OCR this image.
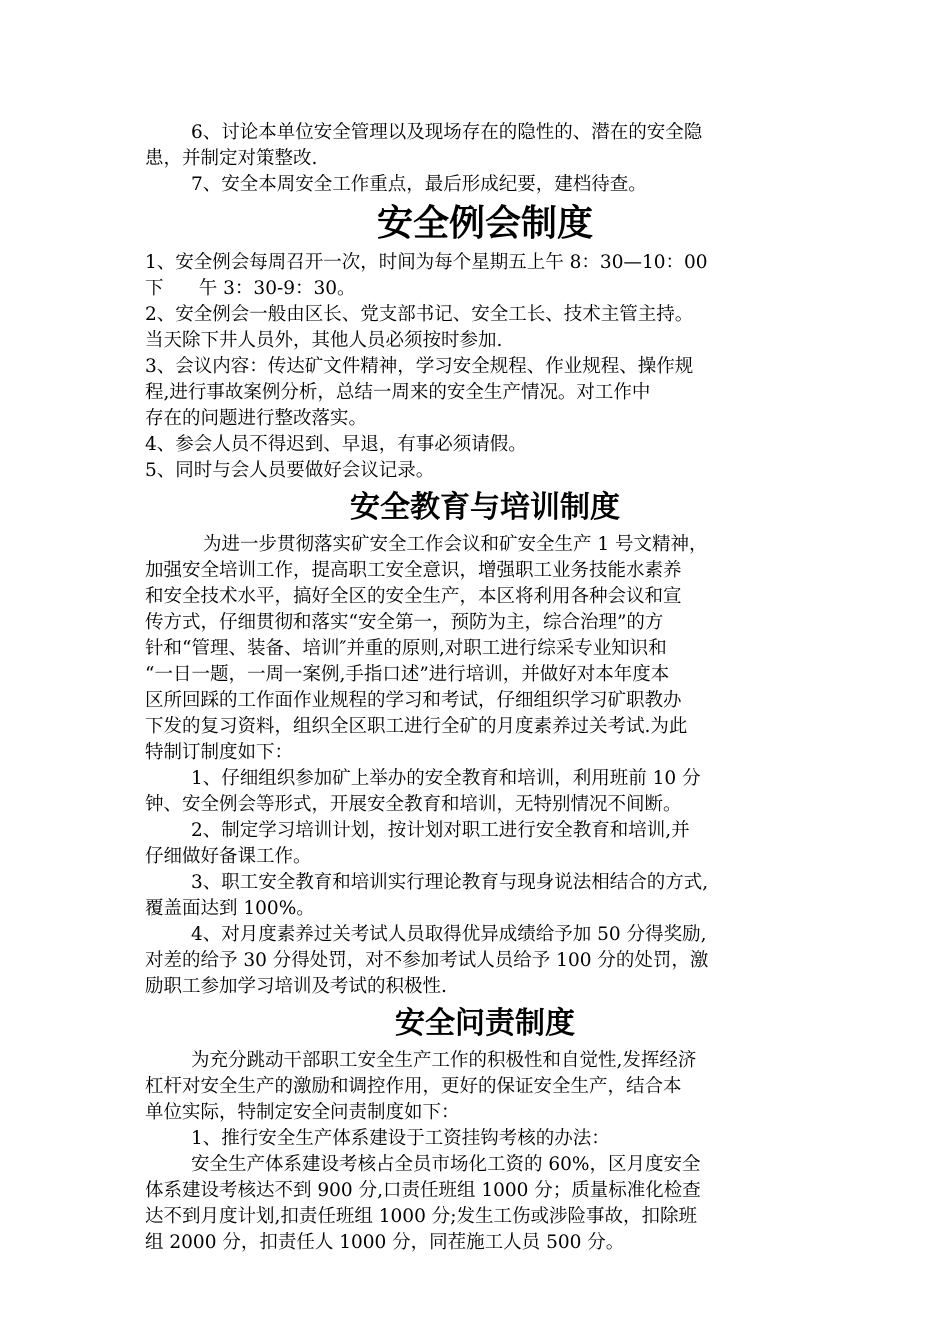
6、讨论本单位安全管理以及现场存在的隐性的、潜在的安全隐

患，并制定对策整改.

7、安全本周安全工作重点，最后形成纪要，建档待查。

安全例会制度

1、安全例会每周召开一次，时间为每个星期五上午 8：30—10：00

下      午 3：30-9：30。

2、安全例会一般由区长、党支部书记、安全工长、技术主管主持。

当天除下井人员外，其他人员必须按时参加.

3、会议内容：传达矿文件精神，学习安全规程、作业规程、操作规

程,进行事故案例分析，总结一周来的安全生产情况。对工作中

存在的问题进行整改落实。

4、参会人员不得迟到、早退，有事必须请假。

5、同时与会人员要做好会议记录。

安全教育与培训制度

为进一步贯彻落实矿安全工作会议和矿安全生产 1 号文精神，

加强安全培训工作，提高职工安全意识，增强职工业务技能水素养

和安全技术水平，搞好全区的安全生产，本区将利用各种会议和宣

传方式，仔细贯彻和落实“安全第一，预防为主，综合治理”的方

针和“管理、装备、培训″并重的原则,对职工进行综采专业知识和

“一日一题，一周一案例,手指口述”进行培训，并做好对本年度本

区所回踩的工作面作业规程的学习和考试，仔细组织学习矿职教办

下发的复习资料，组织全区职工进行全矿的月度素养过关考试.为此

特制订制度如下：

1、仔细组织参加矿上举办的安全教育和培训，利用班前 10 分

钟、安全例会等形式，开展安全教育和培训，无特别情况不间断。

2、制定学习培训计划，按计划对职工进行安全教育和培训,并

仔细做好备课工作。

3、职工安全教育和培训实行理论教育与现身说法相结合的方式,

覆盖面达到 100%。

4、对月度素养过关考试人员取得优异成绩给予加 50 分得奖励,

对差的给予 30 分得处罚，对不参加考试人员给予 100 分的处罚，激

励职工参加学习培训及考试的积极性.

安全问责制度

为充分跳动干部职工安全生产工作的积极性和自觉性,发挥经济

杠杆对安全生产的激励和调控作用，更好的保证安全生产，结合本

单位实际，特制定安全问责制度如下：

1、推行安全生产体系建设于工资挂钩考核的办法：

安全生产体系建设考核占全员市场化工资的 60%，区月度安全

体系建设考核达不到 900 分,口责任班组 1000 分；质量标准化检查

达不到月度计划,扣责任班组 1000 分;发生工伤或涉险事故，扣除班

组 2000 分，扣责任人 1000 分，同茬施工人员 500 分。
